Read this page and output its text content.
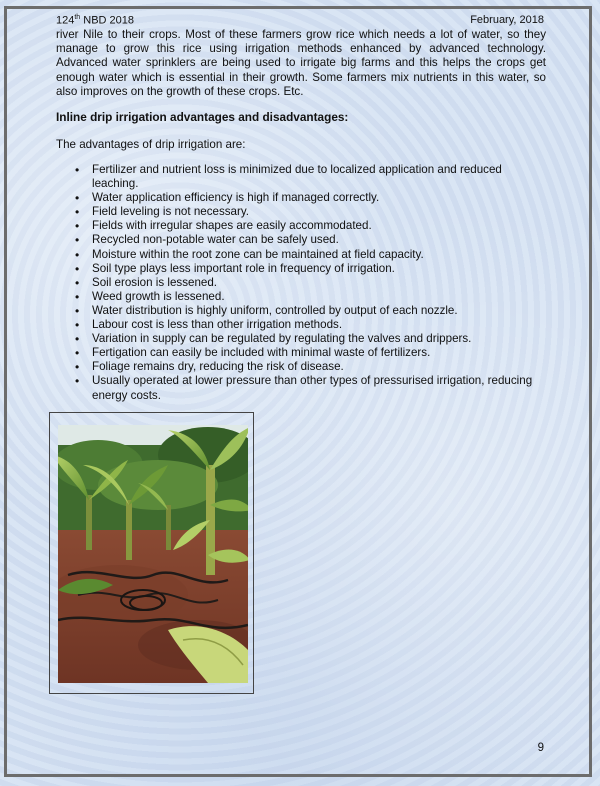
124th NBD 2018	February, 2018
river Nile to their crops. Most of these farmers grow rice which needs a lot of water, so they manage to grow this rice using irrigation methods enhanced by advanced technology. Advanced water sprinklers are being used to irrigate big farms and this helps the crops get enough water which is essential in their growth. Some farmers mix nutrients in this water, so also improves on the growth of these crops. Etc.
Inline drip irrigation advantages and disadvantages:
The advantages of drip irrigation are:
• Fertilizer and nutrient loss is minimized due to localized application and reduced leaching.
• Water application efficiency is high if managed correctly.
• Field leveling is not necessary.
• Fields with irregular shapes are easily accommodated.
• Recycled non-potable water can be safely used.
• Moisture within the root zone can be maintained at field capacity.
• Soil type plays less important role in frequency of irrigation.
• Soil erosion is lessened.
• Weed growth is lessened.
• Water distribution is highly uniform, controlled by output of each nozzle.
• Labour cost is less than other irrigation methods.
• Variation in supply can be regulated by regulating the valves and drippers.
• Fertigation can easily be included with minimal waste of fertilizers.
• Foliage remains dry, reducing the risk of disease.
• Usually operated at lower pressure than other types of pressurised irrigation, reducing energy costs.
9
